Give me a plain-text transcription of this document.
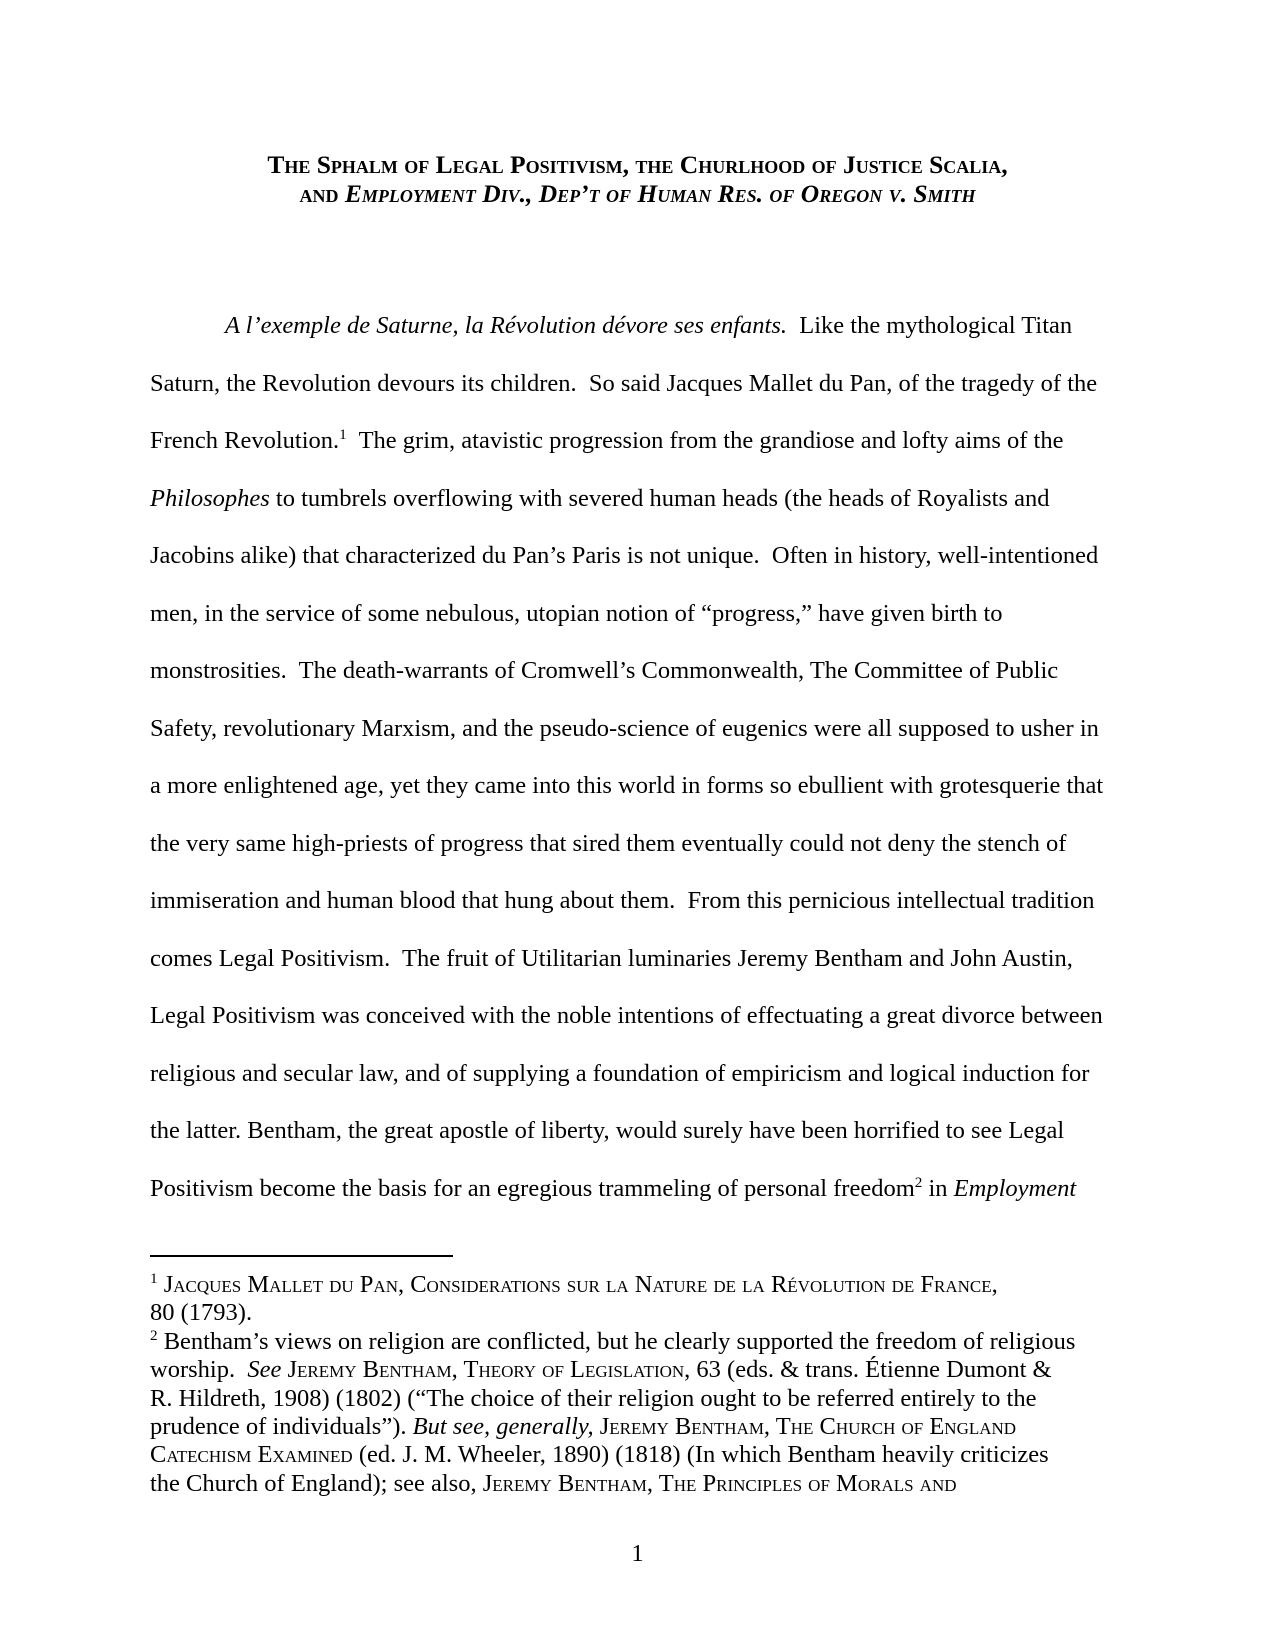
The Sphalm of Legal Positivism, the Churlhood of Justice Scalia,
and Employment Div., Dep’t of Human Res. of Oregon v. Smith
A l’exemple de Saturne, la Révolution dévore ses enfants.  Like the mythological Titan
Saturn, the Revolution devours its children.  So said Jacques Mallet du Pan, of the tragedy of the
French Revolution.$^1$  The grim, atavistic progression from the grandiose and lofty aims of the
Philosophes to tumbrels overflowing with severed human heads (the heads of Royalists and
Jacobins alike) that characterized du Pan’s Paris is not unique.  Often in history, well-intentioned
men, in the service of some nebulous, utopian notion of “progress,” have given birth to
monstrosities.  The death-warrants of Cromwell’s Commonwealth, The Committee of Public
Safety, revolutionary Marxism, and the pseudo-science of eugenics were all supposed to usher in
a more enlightened age, yet they came into this world in forms so ebullient with grotesquerie that
the very same high-priests of progress that sired them eventually could not deny the stench of
immiseration and human blood that hung about them.  From this pernicious intellectual tradition
comes Legal Positivism.  The fruit of Utilitarian luminaries Jeremy Bentham and John Austin,
Legal Positivism was conceived with the noble intentions of effectuating a great divorce between
religious and secular law, and of supplying a foundation of empiricism and logical induction for
the latter. Bentham, the great apostle of liberty, would surely have been horrified to see Legal
Positivism become the basis for an egregious trammeling of personal freedom$^2$ in Employment
$^1$ Jacques Mallet du Pan, Considerations sur la Nature de la Révolution de France,
80 (1793).
$^2$ Bentham’s views on religion are conflicted, but he clearly supported the freedom of religious
worship.  See Jeremy Bentham, Theory of Legislation, 63 (eds. & trans. Étienne Dumont &
R. Hildreth, 1908) (1802) (“The choice of their religion ought to be referred entirely to the
prudence of individuals”). But see, generally, Jeremy Bentham, The Church of England
Catechism Examined (ed. J. M. Wheeler, 1890) (1818) (In which Bentham heavily criticizes
the Church of England); see also, Jeremy Bentham, The Principles of Morals and
1
